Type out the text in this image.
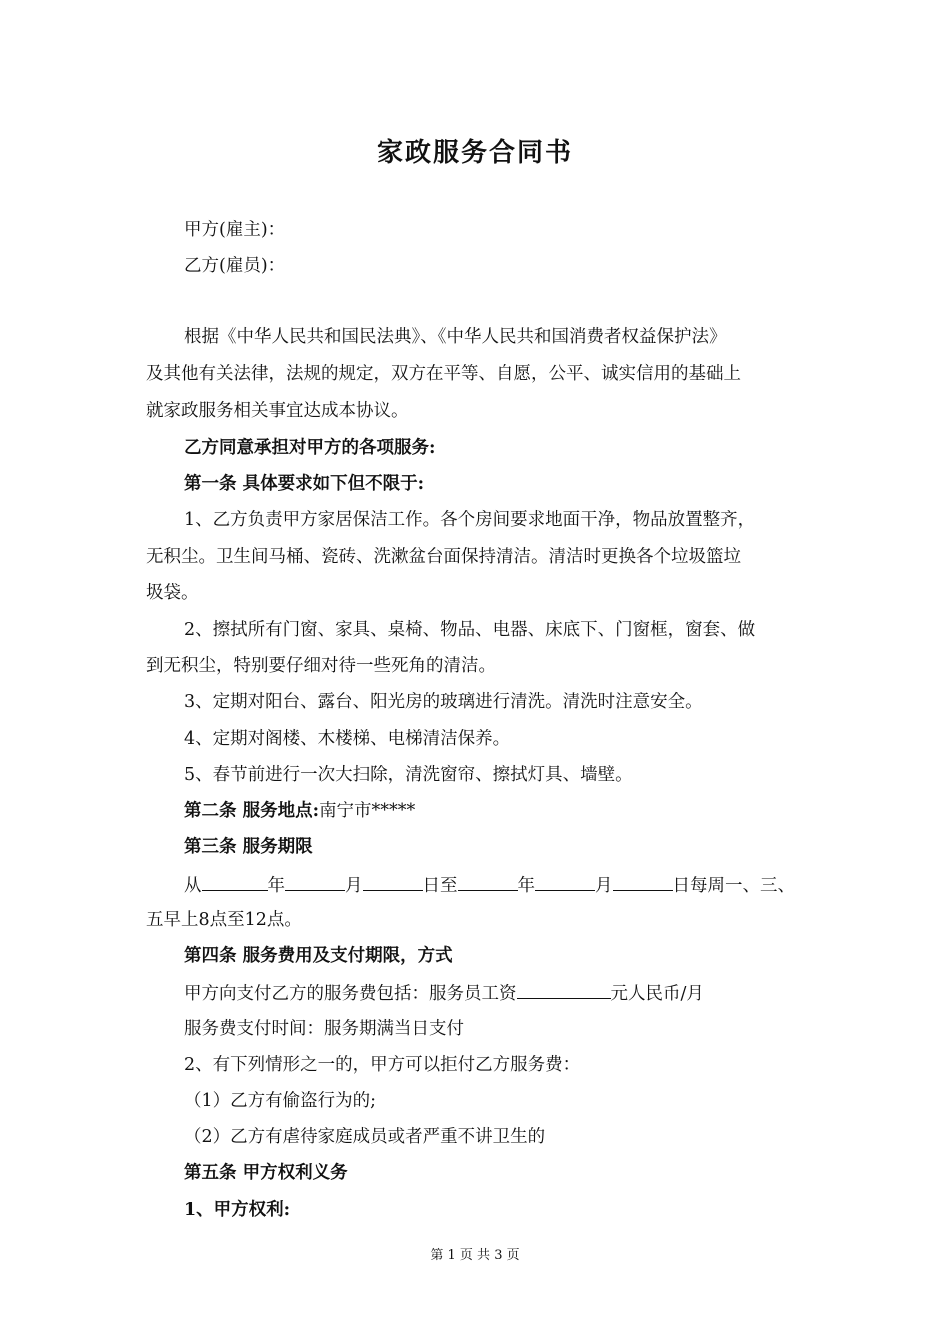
家政服务合同书
甲方(雇主)：
乙方(雇员)：
根据《中华人民共和国民法典》、《中华人民共和国消费者权益保护法》
及其他有关法律，法规的规定，双方在平等、自愿，公平、诚实信用的基础上
就家政服务相关事宜达成本协议。
乙方同意承担对甲方的各项服务:
第一条 具体要求如下但不限于:
1、乙方负责甲方家居保洁工作。各个房间要求地面干净，物品放置整齐，
无积尘。卫生间马桶、瓷砖、洗漱盆台面保持清洁。清洁时更换各个垃圾篮垃
圾袋。
2、擦拭所有门窗、家具、桌椅、物品、电器、床底下、门窗框，窗套、做
到无积尘，特别要仔细对待一些死角的清洁。
3、定期对阳台、露台、阳光房的玻璃进行清洗。清洗时注意安全。
4、定期对阁楼、木楼梯、电梯清洁保养。
5、春节前进行一次大扫除，清洗窗帘、擦拭灯具、墙壁。
第二条 服务地点:南宁市*****
第三条 服务期限
从	年	月	日至	年	月	日每周一、三、
五早上8点至12点。
第四条 服务费用及支付期限，方式
甲方向支付乙方的服务费包括：服务员工资	元人民币/月
服务费支付时间：服务期满当日支付
2、有下列情形之一的，甲方可以拒付乙方服务费：
（1）乙方有偷盗行为的;
（2）乙方有虐待家庭成员或者严重不讲卫生的
第五条 甲方权利义务
1、甲方权利:
第 1 页 共 3 页
